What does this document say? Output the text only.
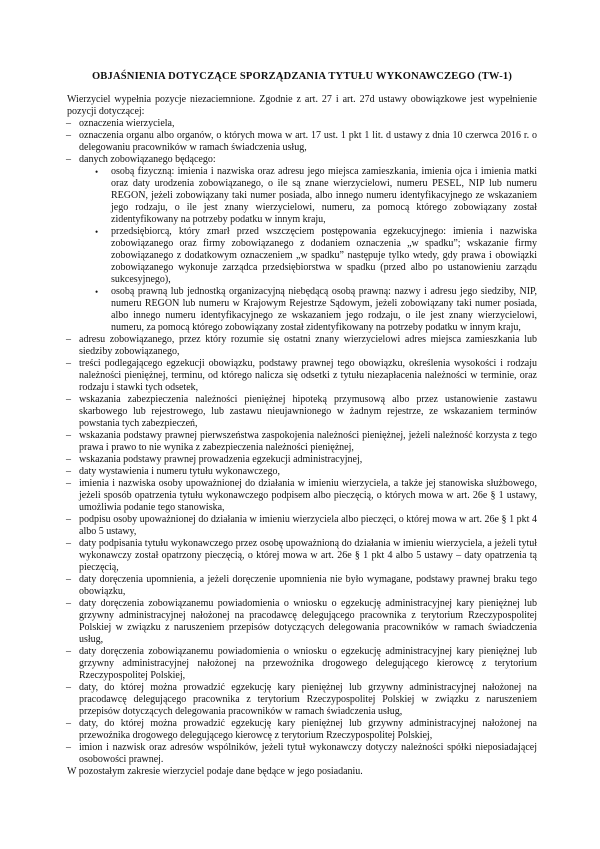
OBJAŚNIENIA DOTYCZĄCE SPORZĄDZANIA TYTUŁU WYKONAWCZEGO (TW-1)

Wierzyciel wypełnia pozycje niezaciemnione. Zgodnie z art. 27 i art. 27d ustawy obowiązkowe jest wypełnienie pozycji dotyczącej:

– oznaczenia wierzyciela,
– oznaczenia organu albo organów, o których mowa w art. 17 ust. 1 pkt 1 lit. d ustawy z dnia 10 czerwca 2016 r. o delegowaniu pracowników w ramach świadczenia usług,
– danych zobowiązanego będącego:
• osobą fizyczną: imienia i nazwiska oraz adresu jego miejsca zamieszkania, imienia ojca i imienia matki oraz daty urodzenia zobowiązanego, o ile są znane wierzycielowi, numeru PESEL, NIP lub numeru REGON, jeżeli zobowiązany taki numer posiada, albo innego numeru identyfikacyjnego ze wskazaniem jego rodzaju, o ile jest znany wierzycielowi, numeru, za pomocą którego zobowiązany został zidentyfikowany na potrzeby podatku w innym kraju,
• przedsiębiorcą, który zmarł przed wszczęciem postępowania egzekucyjnego: imienia i nazwiska zobowiązanego oraz firmy zobowiązanego z dodaniem oznaczenia „w spadku”; wskazanie firmy zobowiązanego z dodatkowym oznaczeniem „w spadku” następuje tylko wtedy, gdy prawa i obowiązki zobowiązanego wykonuje zarządca przedsiębiorstwa w spadku (przed albo po ustanowieniu zarządu sukcesyjnego),
• osobą prawną lub jednostką organizacyjną niebędącą osobą prawną: nazwy i adresu jego siedziby, NIP, numeru REGON lub numeru w Krajowym Rejestrze Sądowym, jeżeli zobowiązany taki numer posiada, albo innego numeru identyfikacyjnego ze wskazaniem jego rodzaju, o ile jest znany wierzycielowi, numeru, za pomocą którego zobowiązany został zidentyfikowany na potrzeby podatku w innym kraju,
– adresu zobowiązanego, przez który rozumie się ostatni znany wierzycielowi adres miejsca zamieszkania lub siedziby zobowiązanego,
– treści podlegającego egzekucji obowiązku, podstawy prawnej tego obowiązku, określenia wysokości i rodzaju należności pieniężnej, terminu, od którego nalicza się odsetki z tytułu niezapłacenia należności w terminie, oraz rodzaju i stawki tych odsetek,
– wskazania zabezpieczenia należności pieniężnej hipoteką przymusową albo przez ustanowienie zastawu skarbowego lub rejestrowego, lub zastawu nieujawnionego w żadnym rejestrze, ze wskazaniem terminów powstania tych zabezpieczeń,
– wskazania podstawy prawnej pierwszeństwa zaspokojenia należności pieniężnej, jeżeli należność korzysta z tego prawa i prawo to nie wynika z zabezpieczenia należności pieniężnej,
– wskazania podstawy prawnej prowadzenia egzekucji administracyjnej,
– daty wystawienia i numeru tytułu wykonawczego,
– imienia i nazwiska osoby upoważnionej do działania w imieniu wierzyciela, a także jej stanowiska służbowego, jeżeli sposób opatrzenia tytułu wykonawczego podpisem albo pieczęcią, o których mowa w art. 26e § 1 ustawy, umożliwia podanie tego stanowiska,
– podpisu osoby upoważnionej do działania w imieniu wierzyciela albo pieczęci, o której mowa w art. 26e § 1 pkt 4 albo 5 ustawy,
– daty podpisania tytułu wykonawczego przez osobę upoważnioną do działania w imieniu wierzyciela, a jeżeli tytuł wykonawczy został opatrzony pieczęcią, o której mowa w art. 26e § 1 pkt 4 albo 5 ustawy – daty opatrzenia tą pieczęcią,
– daty doręczenia upomnienia, a jeżeli doręczenie upomnienia nie było wymagane, podstawy prawnej braku tego obowiązku,
– daty doręczenia zobowiązanemu powiadomienia o wniosku o egzekucję administracyjnej kary pieniężnej lub grzywny administracyjnej nałożonej na pracodawcę delegującego pracownika z terytorium Rzeczypospolitej Polskiej w związku z naruszeniem przepisów dotyczących delegowania pracowników w ramach świadczenia usług,
– daty doręczenia zobowiązanemu powiadomienia o wniosku o egzekucję administracyjnej kary pieniężnej lub grzywny administracyjnej nałożonej na przewoźnika drogowego delegującego kierowcę z terytorium Rzeczypospolitej Polskiej,
– daty, do której można prowadzić egzekucję kary pieniężnej lub grzywny administracyjnej nałożonej na pracodawcę delegującego pracownika z terytorium Rzeczypospolitej Polskiej w związku z naruszeniem przepisów dotyczących delegowania pracowników w ramach świadczenia usług,
– daty, do której można prowadzić egzekucję kary pieniężnej lub grzywny administracyjnej nałożonej na przewoźnika drogowego delegującego kierowcę z terytorium Rzeczypospolitej Polskiej,
– imion i nazwisk oraz adresów wspólników, jeżeli tytuł wykonawczy dotyczy należności spółki nieposiadającej osobowości prawnej.

W pozostałym zakresie wierzyciel podaje dane będące w jego posiadaniu.
